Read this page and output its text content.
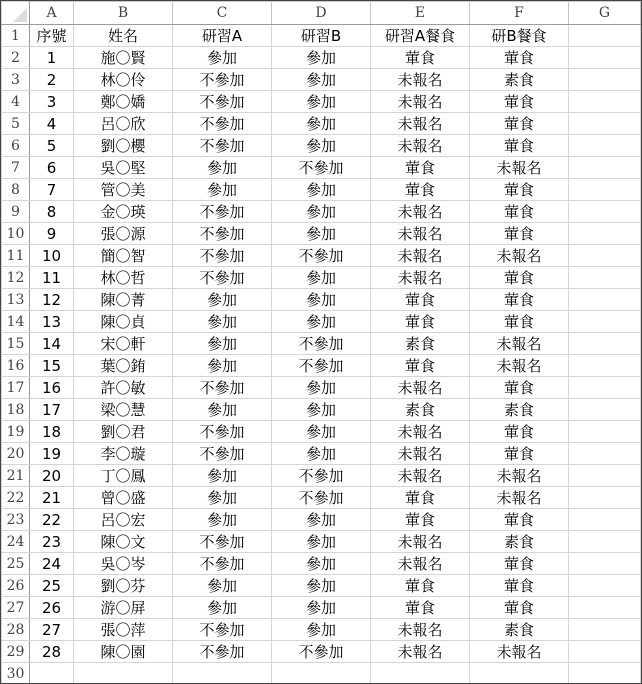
	A	B	C	D	E	F	G
1	序號	姓名	研習A	研習B	研習A餐食	研B餐食	
2	1	施〇賢	參加	參加	葷食	葷食	
3	2	林〇伶	不參加	參加	未報名	素食	
4	3	鄭〇嬌	不參加	參加	未報名	葷食	
5	4	呂〇欣	不參加	參加	未報名	葷食	
6	5	劉〇櫻	不參加	參加	未報名	葷食	
7	6	吳〇堅	參加	不參加	葷食	未報名	
8	7	管〇美	參加	參加	葷食	葷食	
9	8	金〇瑛	不參加	參加	未報名	葷食	
10	9	張〇源	不參加	參加	未報名	葷食	
11	10	簡〇智	不參加	不參加	未報名	未報名	
12	11	林〇哲	不參加	參加	未報名	葷食	
13	12	陳〇菁	參加	參加	葷食	葷食	
14	13	陳〇貞	參加	參加	葷食	葷食	
15	14	宋〇軒	參加	不參加	素食	未報名	
16	15	葉〇銪	參加	不參加	葷食	未報名	
17	16	許〇敏	不參加	參加	未報名	葷食	
18	17	梁〇慧	參加	參加	素食	素食	
19	18	劉〇君	不參加	參加	未報名	葷食	
20	19	李〇璇	不參加	參加	未報名	葷食	
21	20	丁〇鳳	參加	不參加	未報名	未報名	
22	21	曾〇盛	參加	不參加	葷食	未報名	
23	22	呂〇宏	參加	參加	葷食	葷食	
24	23	陳〇文	不參加	參加	未報名	素食	
25	24	吳〇岑	不參加	參加	未報名	葷食	
26	25	劉〇芬	參加	參加	葷食	葷食	
27	26	游〇屏	參加	參加	葷食	葷食	
28	27	張〇萍	不參加	參加	未報名	素食	
29	28	陳〇園	不參加	不參加	未報名	未報名	
30							
